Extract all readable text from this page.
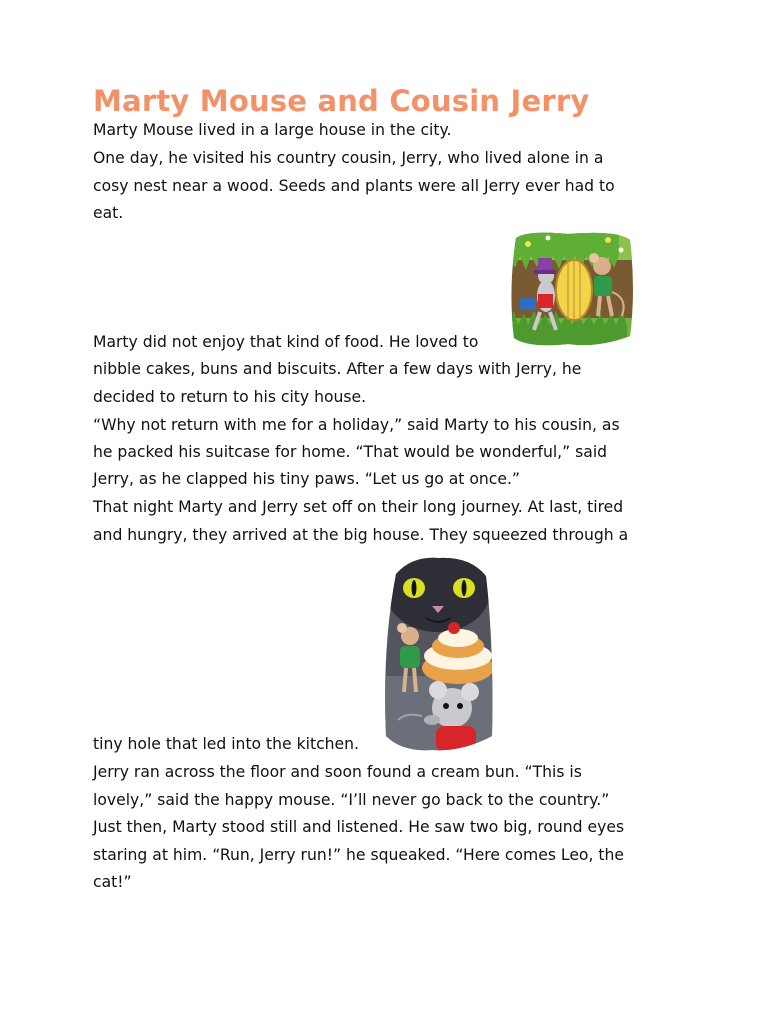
Marty Mouse and Cousin Jerry

Marty Mouse lived in a large house in the city.

One day, he visited his country cousin, Jerry, who lived alone in a

cosy nest near a wood. Seeds and plants were all Jerry ever had to

eat.

Marty did not enjoy that kind of food. He loved to

nibble cakes, buns and biscuits. After a few days with Jerry, he

decided to return to his city house.

“Why not return with me for a holiday,” said Marty to his cousin, as

he packed his suitcase for home. “That would be wonderful,” said

Jerry, as he clapped his tiny paws. “Let us go at once.”

That night Marty and Jerry set off on their long journey. At last, tired

and hungry, they arrived at the big house. They squeezed through a

tiny hole that led into the kitchen.

Jerry ran across the floor and soon found a cream bun. “This is

lovely,” said the happy mouse. “I’ll never go back to the country.”

Just then, Marty stood still and listened. He saw two big, round eyes

staring at him. “Run, Jerry run!” he squeaked. “Here comes Leo, the

cat!”
